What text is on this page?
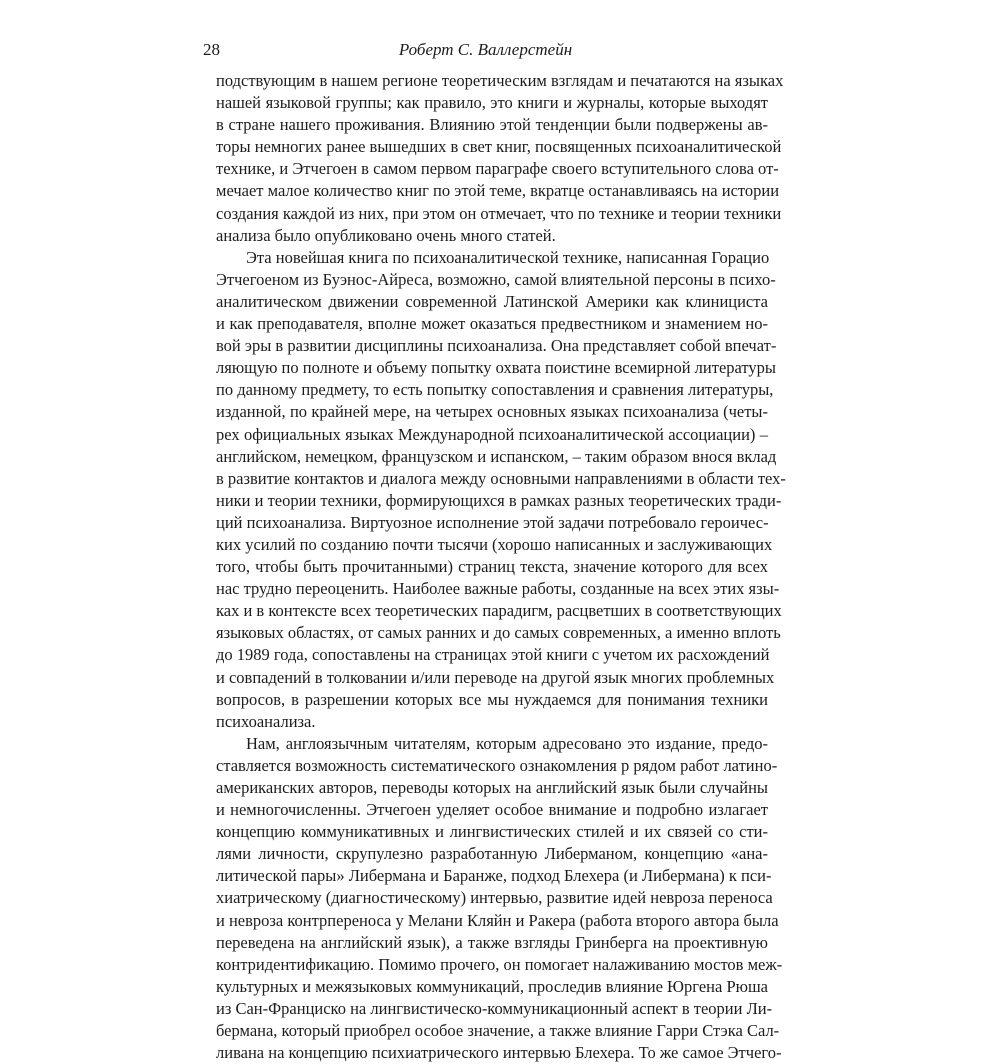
28	Роберт С. Валлерстейн
подствующим в нашем регионе теоретическим взглядам и печатаются на языках
нашей языковой группы; как правило, это книги и журналы, которые выходят
в стране нашего проживания. Влиянию этой тенденции были подвержены ав-
торы немногих ранее вышедших в свет книг, посвященных психоаналитической
технике, и Этчегоен в самом первом параграфе своего вступительного слова от-
мечает малое количество книг по этой теме, вкратце останавливаясь на истории
создания каждой из них, при этом он отмечает, что по технике и теории техники
анализа было опубликовано очень много статей.
Эта новейшая книга по психоаналитической технике, написанная Горацио
Этчегоеном из Буэнос-Айреса, возможно, самой влиятельной персоны в психо-
аналитическом движении современной Латинской Америки как клинициста
и как преподавателя, вполне может оказаться предвестником и знамением но-
вой эры в развитии дисциплины психоанализа. Она представляет собой впечат-
ляющую по полноте и объему попытку охвата поистине всемирной литературы
по данному предмету, то есть попытку сопоставления и сравнения литературы,
изданной, по крайней мере, на четырех основных языках психоанализа (четы-
рех официальных языках Международной психоаналитической ассоциации) –
английском, немецком, французском и испанском, – таким образом внося вклад
в развитие контактов и диалога между основными направлениями в области тех-
ники и теории техники, формирующихся в рамках разных теоретических тради-
ций психоанализа. Виртуозное исполнение этой задачи потребовало героичес-
ких усилий по созданию почти тысячи (хорошо написанных и заслуживающих
того, чтобы быть прочитанными) страниц текста, значение которого для всех
нас трудно переоценить. Наиболее важные работы, созданные на всех этих язы-
ках и в контексте всех теоретических парадигм, расцветших в соответствующих
языковых областях, от самых ранних и до самых современных, а именно вплоть
до 1989 года, сопоставлены на страницах этой книги с учетом их расхождений
и совпадений в толковании и/или переводе на другой язык многих проблемных
вопросов, в разрешении которых все мы нуждаемся для понимания техники
психоанализа.
Нам, англоязычным читателям, которым адресовано это издание, предо-
ставляется возможность систематического ознакомления р рядом работ латино-
американских авторов, переводы которых на английский язык были случайны
и немногочисленны. Этчегоен уделяет особое внимание и подробно излагает
концепцию коммуникативных и лингвистических стилей и их связей со сти-
лями личности, скрупулезно разработанную Либерманом, концепцию «ана-
литической пары» Либермана и Баранже, подход Блехера (и Либермана) к пси-
хиатрическому (диагностическому) интервью, развитие идей невроза переноса
и невроза контрпереноса у Мелани Кляйн и Ракера (работа второго автора была
переведена на английский язык), а также взгляды Гринберга на проективную
контридентификацию. Помимо прочего, он помогает налаживанию мостов меж-
культурных и межязыковых коммуникаций, проследив влияние Юргена Рюша
из Сан-Франциско на лингвистическо-коммуникационный аспект в теории Ли-
бермана, который приобрел особое значение, а также влияние Гарри Стэка Сал-
ливана на концепцию психиатрического интервью Блехера. То же самое Этчего-
